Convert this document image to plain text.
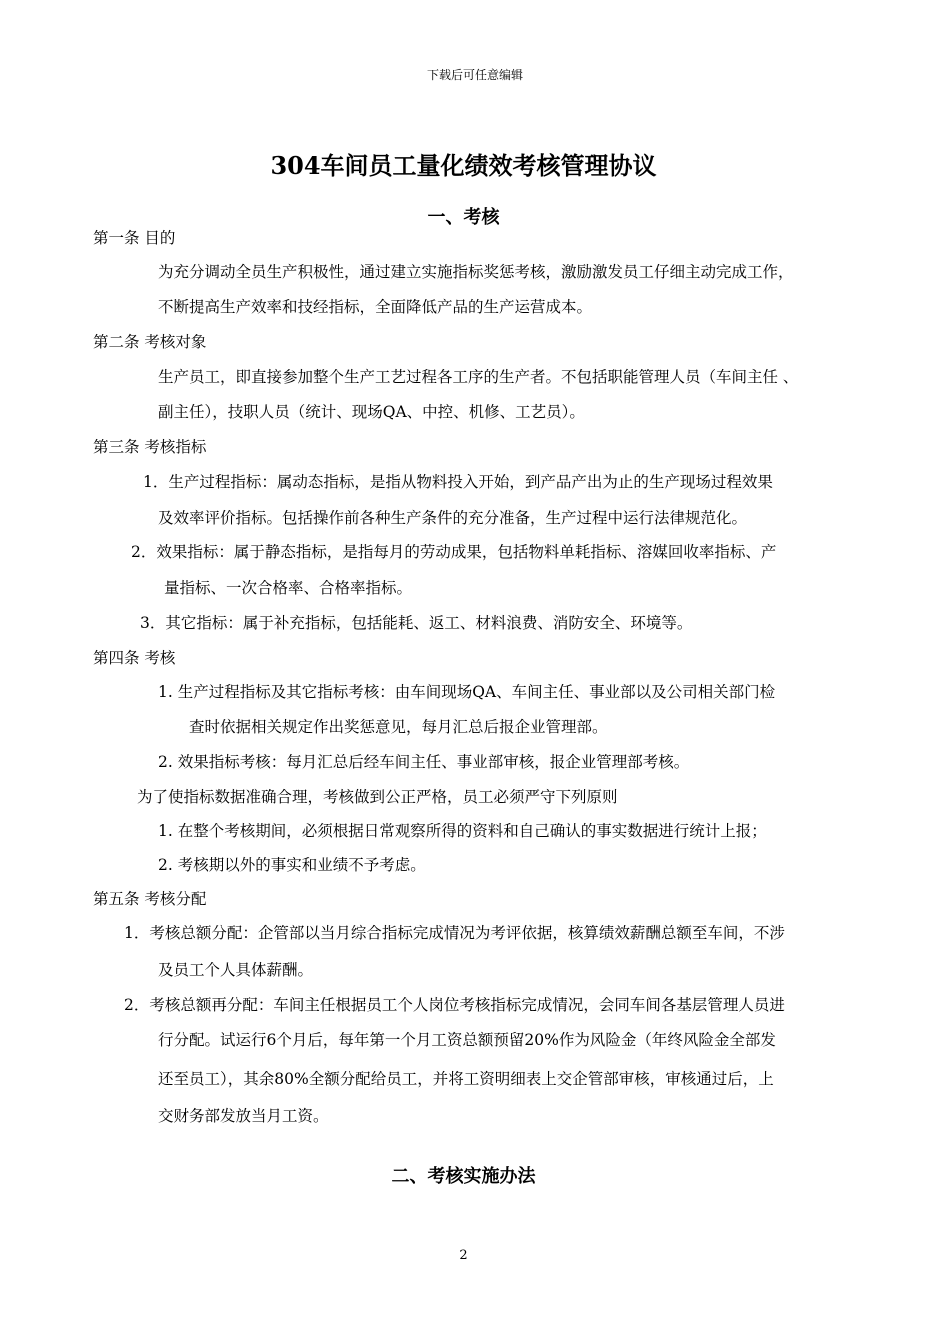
下载后可任意编辑
304车间员工量化绩效考核管理协议
一、考核
第一条 目的
为充分调动全员生产积极性，通过建立实施指标奖惩考核，激励激发员工仔细主动完成工作，
不断提高生产效率和技经指标，全面降低产品的生产运营成本。
第二条 考核对象
生产员工，即直接参加整个生产工艺过程各工序的生产者。不包括职能管理人员（车间主任 、
副主任），技职人员（统计、现场QA、中控、机修、工艺员）。
第三条 考核指标
1．生产过程指标：属动态指标，是指从物料投入开始，到产品产出为止的生产现场过程效果
及效率评价指标。包括操作前各种生产条件的充分准备，生产过程中运行法律规范化。
2．效果指标：属于静态指标，是指每月的劳动成果，包括物料单耗指标、溶媒回收率指标、产
量指标、一次合格率、合格率指标。
3．其它指标：属于补充指标，包括能耗、返工、材料浪费、消防安全、环境等。
第四条 考核
1. 生产过程指标及其它指标考核：由车间现场QA、车间主任、事业部以及公司相关部门检
查时依据相关规定作出奖惩意见，每月汇总后报企业管理部。
2. 效果指标考核：每月汇总后经车间主任、事业部审核，报企业管理部考核。
为了使指标数据准确合理，考核做到公正严格，员工必须严守下列原则
1. 在整个考核期间，必须根据日常观察所得的资料和自己确认的事实数据进行统计上报；
2. 考核期以外的事实和业绩不予考虑。
第五条 考核分配
1．考核总额分配：企管部以当月综合指标完成情况为考评依据，核算绩效薪酬总额至车间，不涉
及员工个人具体薪酬。
2．考核总额再分配：车间主任根据员工个人岗位考核指标完成情况，会同车间各基层管理人员进
行分配。试运行6个月后，每年第一个月工资总额预留20%作为风险金（年终风险金全部发
还至员工），其余80%全额分配给员工，并将工资明细表上交企管部审核，审核通过后，上
交财务部发放当月工资。
二、考核实施办法
2
